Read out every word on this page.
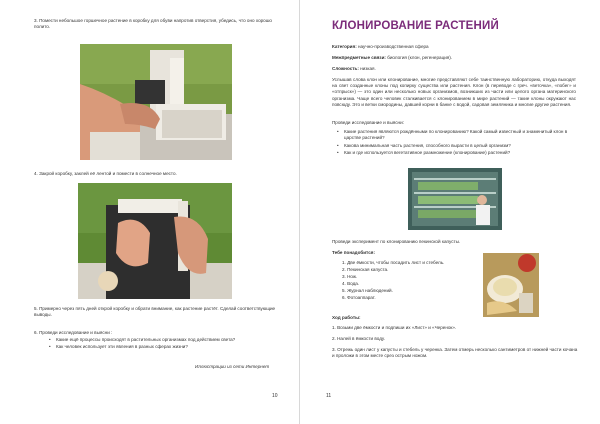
3. Помести небольшое горшечное растение в коробку для обуви напротив отверстия, убедись, что оно хорошо полито.
4. Закрой коробку, заклей её лентой и помести в солнечное место.
5. Примерно через пять дней открой коробку и обрати внимание, как растение растёт. Сделай соответствующие выводы.
6. Проведи исследование и выясни :
• Какие ещё процессы происходят в растительных организмах под действием света?
• Как человек использует эти явления в разных сферах жизни?
Иллюстрации из сети Интернет
10
КЛОНИРОВАНИЕ РАСТЕНИЙ
Категория: научно-производственная сфера
Межпредметные связи: биология (клон, регенерация).
Сложность: низкая.
Услышав слова клон или клонирование, многие представляют себе таинственную лабораторию, откуда выходят на свет созданные клоны под копирку существа или растения. Клон (в переводе с греч. «веточка», «побег» и «отпрыск») — это один или несколько новых организмов, возникших из части или целого органа материнского организма. Чаще всего человек сталкивается с клонированием в мире растений — такие клоны окружают нас повсюду. Это и ветки смородины, давшей корни в банке с водой, садовая земляника и многие другие растения.
Проведи исследование и выясни:
• Какие растения являются рождёнными по клонированию? Какой самый известный и знаменитый клон в царстве растений?
• Какова минимальная часть растения, способного вырасти в целый организм?
• Как и где используется вегетативное размножение (клонирование) растений?
Проведи эксперимент по клонированию пекинской капусты.
Тебе понадобится:
1. Две ёмкости, чтобы посадить лист и стебель.
2. Пекинская капуста.
3. Нож.
4. Вода.
5. Журнал наблюдений.
6. Фотоаппарат.
Ход работы:
1. Возьми две ёмкости и подпиши их «Лист» и «Черенок».
2. Налей в ёмкости воду.
3. Отрежь один лист у капусты и стебель у черенка. Затем отмерь несколько сантиметров от нижней части кочана и проложи в этом месте срез острым ножом.
11
